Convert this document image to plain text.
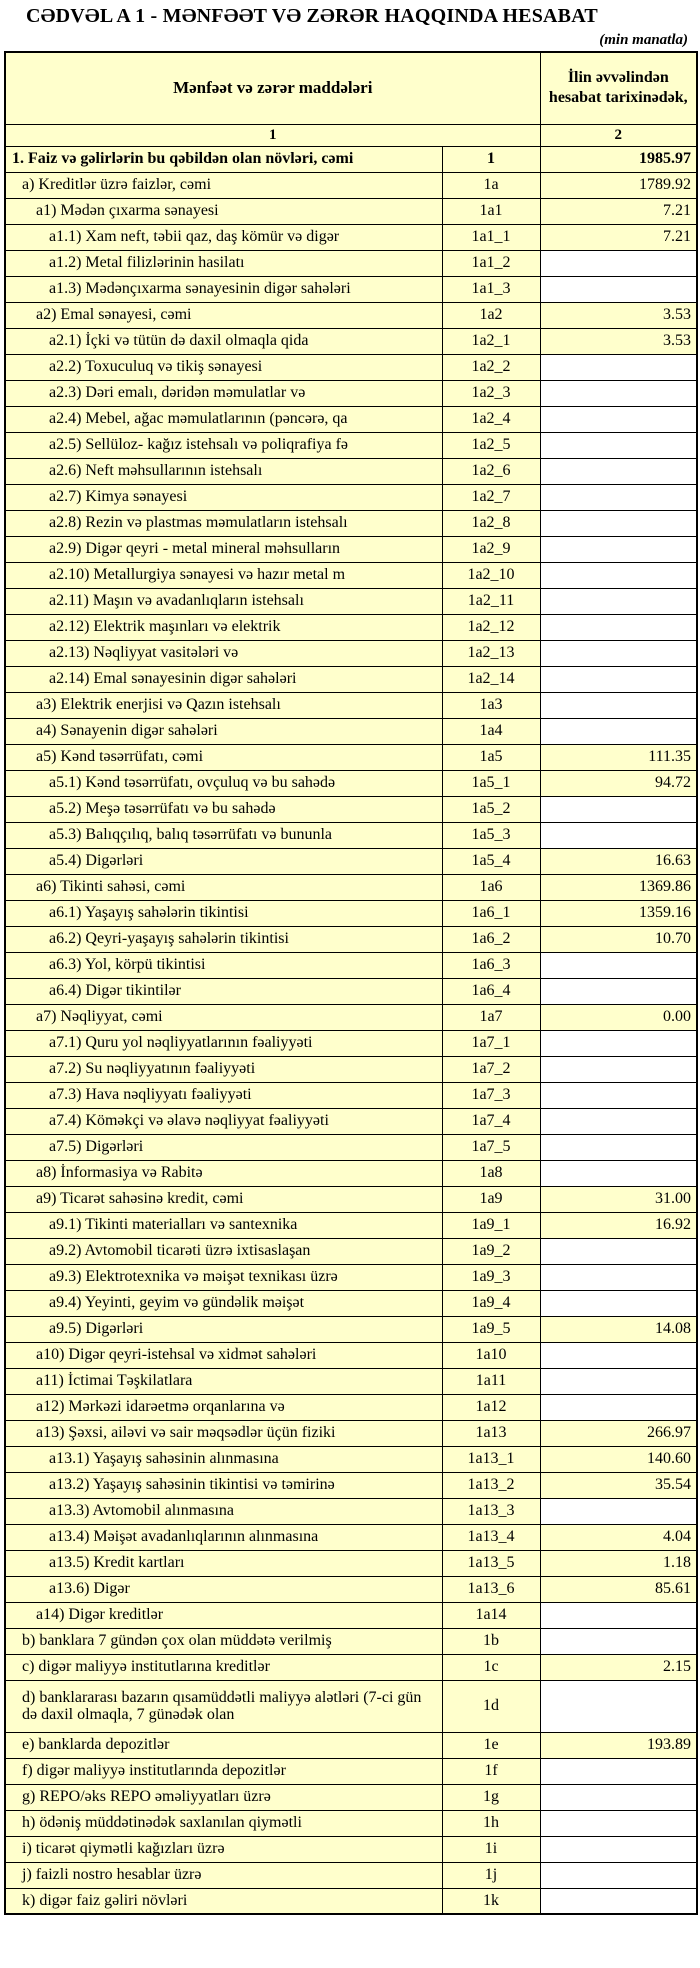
CƏDVƏL A 1 - MƏNFƏƏT VƏ ZƏRƏR HAQQINDA HESABAT
(min manatla)
Mənfəət və zərər maddələri		İlin əvvəlindən hesabat tarixinədək,
1		2
1. Faiz və gəlirlərin bu qəbildən olan növləri, cəmi	1	1985.97
a) Kreditlər üzrə faizlər, cəmi	1a	1789.92
a1) Mədən çıxarma sənayesi	1a1	7.21
a1.1) Xam neft, təbii qaz, daş kömür və digər	1a1_1	7.21
a1.2) Metal filizlərinin hasilatı	1a1_2	
a1.3) Mədənçıxarma sənayesinin digər sahələri	1a1_3	
a2) Emal sənayesi, cəmi	1a2	3.53
a2.1) İçki və tütün də daxil olmaqla qida	1a2_1	3.53
a2.2) Toxuculuq və tikiş sənayesi	1a2_2	
a2.3) Dəri emalı, dəridən məmulatlar və	1a2_3	
a2.4) Mebel, ağac məmulatlarının (pəncərə, qa	1a2_4	
a2.5) Sellüloz- kağız istehsalı və poliqrafiya fə	1a2_5	
a2.6) Neft məhsullarının istehsalı	1a2_6	
a2.7) Kimya sənayesi	1a2_7	
a2.8) Rezin və plastmas məmulatların istehsalı	1a2_8	
a2.9) Digər qeyri - metal mineral məhsulların	1a2_9	
a2.10) Metallurgiya sənayesi və hazır metal m	1a2_10	
a2.11) Maşın və avadanlıqların istehsalı	1a2_11	
a2.12) Elektrik maşınları və elektrik	1a2_12	
a2.13) Nəqliyyat vasitələri və	1a2_13	
a2.14) Emal sənayesinin digər sahələri	1a2_14	
a3) Elektrik enerjisi və Qazın istehsalı	1a3	
a4) Sənayenin digər sahələri	1a4	
a5) Kənd təsərrüfatı, cəmi	1a5	111.35
a5.1) Kənd təsərrüfatı, ovçuluq və bu sahədə	1a5_1	94.72
a5.2) Meşə təsərrüfatı və bu sahədə	1a5_2	
a5.3) Balıqçılıq, balıq təsərrüfatı və bununla	1a5_3	
a5.4) Digərləri	1a5_4	16.63
a6) Tikinti sahəsi, cəmi	1a6	1369.86
a6.1) Yaşayış sahələrin tikintisi	1a6_1	1359.16
a6.2) Qeyri-yaşayış sahələrin tikintisi	1a6_2	10.70
a6.3) Yol, körpü tikintisi	1a6_3	
a6.4) Digər tikintilər	1a6_4	
a7) Nəqliyyat, cəmi	1a7	0.00
a7.1) Quru yol nəqliyyatlarının fəaliyyəti	1a7_1	
a7.2) Su nəqliyyatının fəaliyyəti	1a7_2	
a7.3) Hava nəqliyyatı fəaliyyəti	1a7_3	
a7.4) Köməkçi və əlavə nəqliyyat fəaliyyəti	1a7_4	
a7.5) Digərləri	1a7_5	
a8) İnformasiya və Rabitə	1a8	
a9) Ticarət sahəsinə kredit, cəmi	1a9	31.00
a9.1) Tikinti materialları və santexnika	1a9_1	16.92
a9.2) Avtomobil ticarəti üzrə ixtisaslaşan	1a9_2	
a9.3) Elektrotexnika və məişət texnikası üzrə	1a9_3	
a9.4) Yeyinti, geyim və gündəlik məişət	1a9_4	
a9.5) Digərləri	1a9_5	14.08
a10) Digər qeyri-istehsal və xidmət sahələri	1a10	
a11) İctimai Təşkilatlara	1a11	
a12) Mərkəzi idarəetmə orqanlarına və	1a12	
a13) Şəxsi, ailəvi və sair məqsədlər üçün fiziki	1a13	266.97
a13.1) Yaşayış sahəsinin alınmasına	1a13_1	140.60
a13.2) Yaşayış sahəsinin tikintisi və təmirinə	1a13_2	35.54
a13.3) Avtomobil alınmasına	1a13_3	
a13.4) Məişət avadanlıqlarının alınmasına	1a13_4	4.04
a13.5) Kredit kartları	1a13_5	1.18
a13.6) Digər	1a13_6	85.61
a14) Digər kreditlər	1a14	
b) banklara 7 gündən çox olan müddətə verilmiş	1b	
c) digər maliyyə institutlarına kreditlər	1c	2.15
d) banklararası bazarın qısamüddətli maliyyə alətləri (7-ci gün də daxil olmaqla, 7 günədək olan	1d	
e) banklarda depozitlər	1e	193.89
f) digər maliyyə institutlarında depozitlər	1f	
g) REPO/əks REPO əməliyyatları üzrə	1g	
h) ödəniş müddətinədək saxlanılan qiymətli	1h	
i) ticarət qiymətli kağızları üzrə	1i	
j) faizli nostro hesablar üzrə	1j	
k) digər faiz gəliri növləri	1k	
